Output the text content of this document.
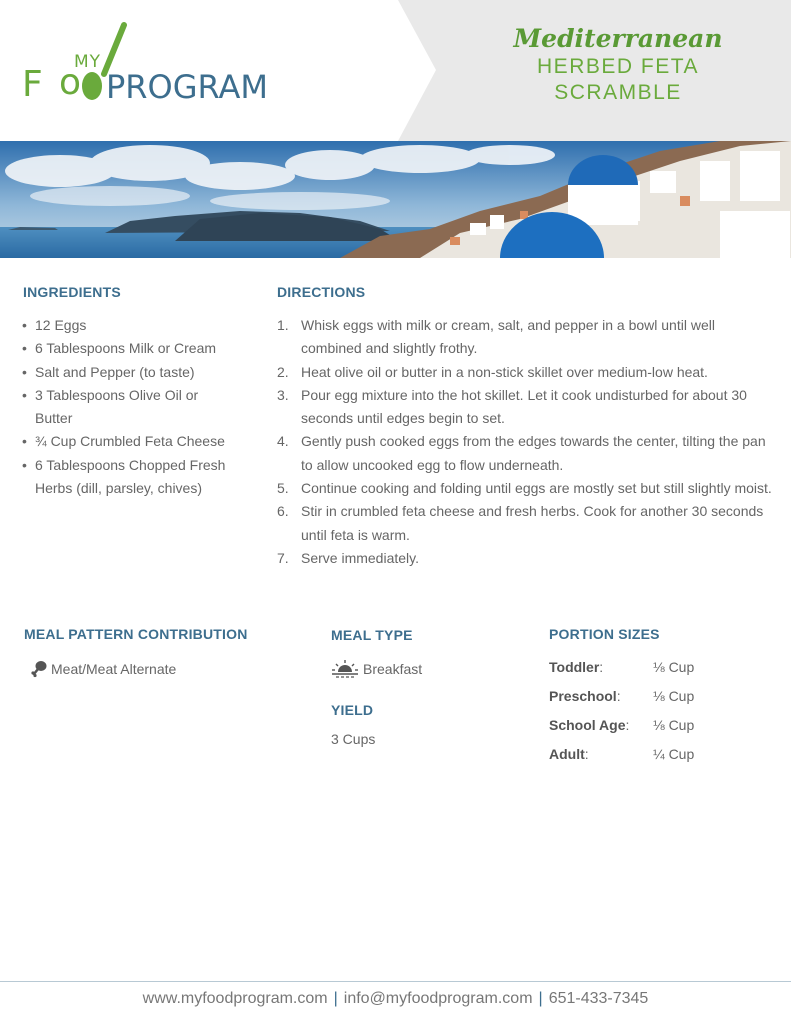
o
MY
F PROGRAM
Mediterranean
HERBED FETA
SCRAMBLE
INGREDIENTS
• 12 Eggs
• 6 Tablespoons Milk or Cream
• Salt and Pepper (to taste)
• 3 Tablespoons Olive Oil or Butter
• ¾ Cup Crumbled Feta Cheese
• 6 Tablespoons Chopped Fresh Herbs (dill, parsley, chives)
DIRECTIONS
1. Whisk eggs with milk or cream, salt, and pepper in a bowl until well combined and slightly frothy.
2. Heat olive oil or butter in a non-stick skillet over medium-low heat.
3. Pour egg mixture into the hot skillet. Let it cook undisturbed for about 30 seconds until edges begin to set.
4. Gently push cooked eggs from the edges towards the center, tilting the pan to allow uncooked egg to flow underneath.
5. Continue cooking and folding until eggs are mostly set but still slightly moist.
6. Stir in crumbled feta cheese and fresh herbs. Cook for another 30 seconds until feta is warm.
7. Serve immediately.
MEAL PATTERN CONTRIBUTION
Meat/Meat Alternate
MEAL TYPE
Breakfast
YIELD
3 Cups
PORTION SIZES
Toddler:	⅛ Cup
Preschool: ⅛ Cup
School Age: ⅛ Cup
Adult:	¼ Cup
www.myfoodprogram.com | info@myfoodprogram.com | 651-433-7345
